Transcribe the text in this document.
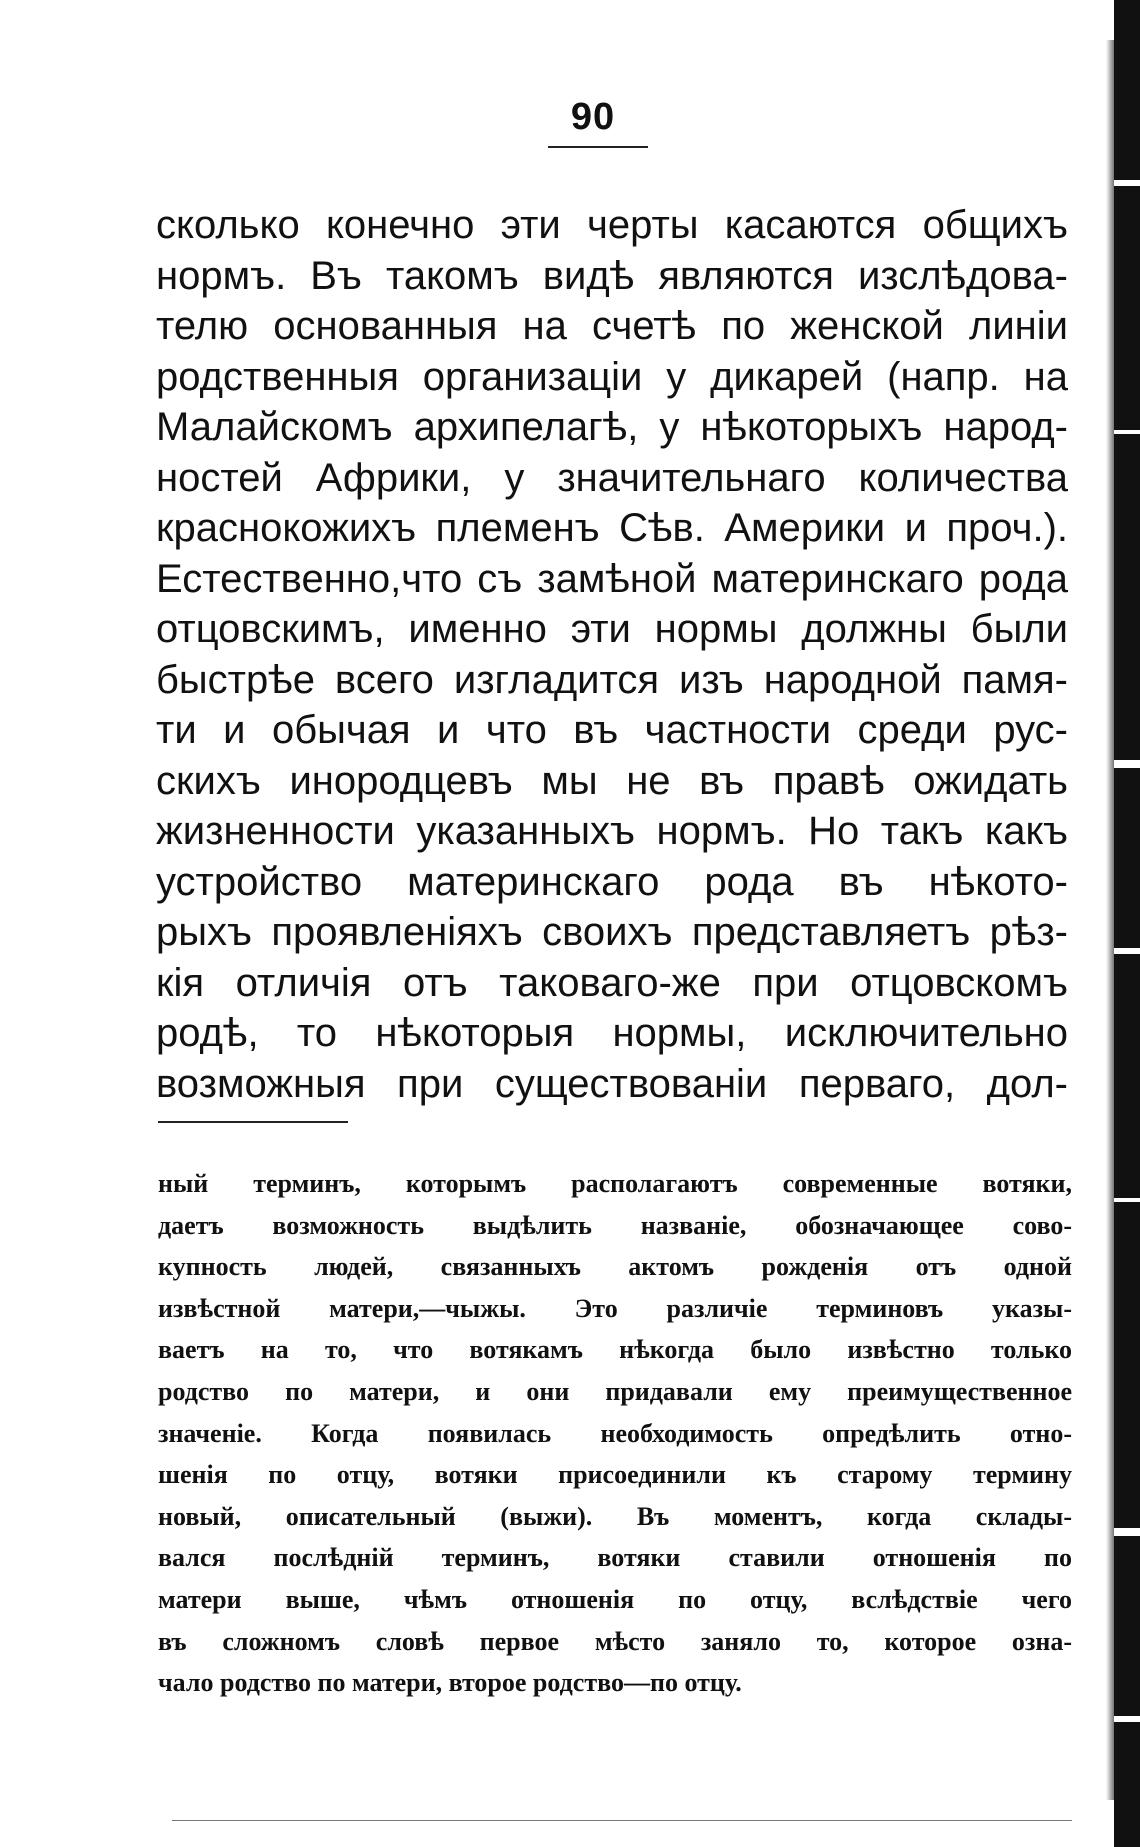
90
сколько конечно эти черты касаются общихъ
нормъ. Въ такомъ видѣ являются изслѣдова-
телю основанныя на счетѣ по женской линіи
родственныя организаціи у дикарей (напр. на
Малайскомъ архипелагѣ, у нѣкоторыхъ народ-
ностей Африки, у значительнаго количества
краснокожихъ племенъ Сѣв. Америки и проч.).
Естественно,что съ замѣной материнскаго рода
отцовскимъ, именно эти нормы должны были
быстрѣе всего изгладится изъ народной памя-
ти и обычая и что въ частности среди рус-
скихъ инородцевъ мы не въ правѣ ожидать
жизненности указанныхъ нормъ. Но такъ какъ
устройство материнскаго рода въ нѣкото-
рыхъ проявленіяхъ своихъ представляетъ рѣз-
кія отличія отъ таковаго-же при отцовскомъ
родѣ, то нѣкоторыя нормы, исключительно
возможныя при существованіи перваго, дол-
ный терминъ, которымъ располагаютъ современные вотяки,
даетъ возможность выдѣлить названіе, обозначающее сово-
купность людей, связанныхъ актомъ рожденія отъ одной
извѣстной матери,—чыжы. Это различіе терминовъ указы-
ваетъ на то, что вотякамъ нѣкогда было извѣстно только
родство по матери, и они придавали ему преимущественное
значеніе. Когда появилась необходимость опредѣлить отно-
шенія по отцу, вотяки присоединили къ старому термину
новый, описательный (выжи). Въ моментъ, когда склады-
вался послѣдній терминъ, вотяки ставили отношенія по
матери выше, чѣмъ отношенія по отцу, вслѣдствіе чего
въ сложномъ словѣ первое мѣсто заняло то, которое озна-
чало родство по матери, второе родство—по отцу.
